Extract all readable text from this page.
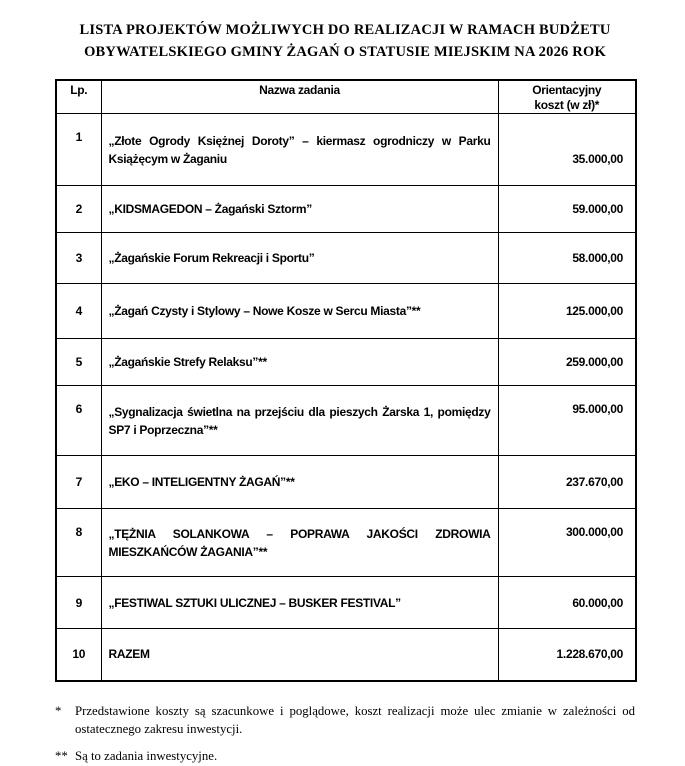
LISTA PROJEKTÓW MOŻLIWYCH DO REALIZACJI W RAMACH BUDŻETU
OBYWATELSKIEGO GMINY ŻAGAŃ O STATUSIE MIEJSKIM NA 2026 ROK
Lp.	Nazwa zadania	Orientacyjny
koszt (w zł)*

1	„Złote Ogrody Księżnej Doroty” – kiermasz ogrodniczy w Parku Książęcym w Żaganiu	35.000,00
2	„KIDSMAGEDON – Żagański Sztorm”	59.000,00
3	„Żagańskie Forum Rekreacji i Sportu”	58.000,00
4	„Żagań Czysty i Stylowy – Nowe Kosze w Sercu Miasta”**	125.000,00
5	„Żagańskie Strefy Relaksu”**	259.000,00
6	„Sygnalizacja świetlna na przejściu dla pieszych Żarska 1, pomiędzy SP7 i Poprzeczna”**	95.000,00
7	„EKO – INTELIGENTNY ŻAGAŃ”**	237.670,00
8	„TĘŻNIA SOLANKOWA – POPRAWA JAKOŚCI ZDROWIA MIESZKAŃCÓW ŻAGANIA”**	300.000,00
9	„FESTIWAL SZTUKI ULICZNEJ – BUSKER FESTIVAL”	60.000,00
10	RAZEM	1.228.670,00
*	Przedstawione koszty są szacunkowe i poglądowe, koszt realizacji może ulec zmianie w zależności od ostatecznego zakresu inwestycji.
** Są to zadania inwestycyjne.
